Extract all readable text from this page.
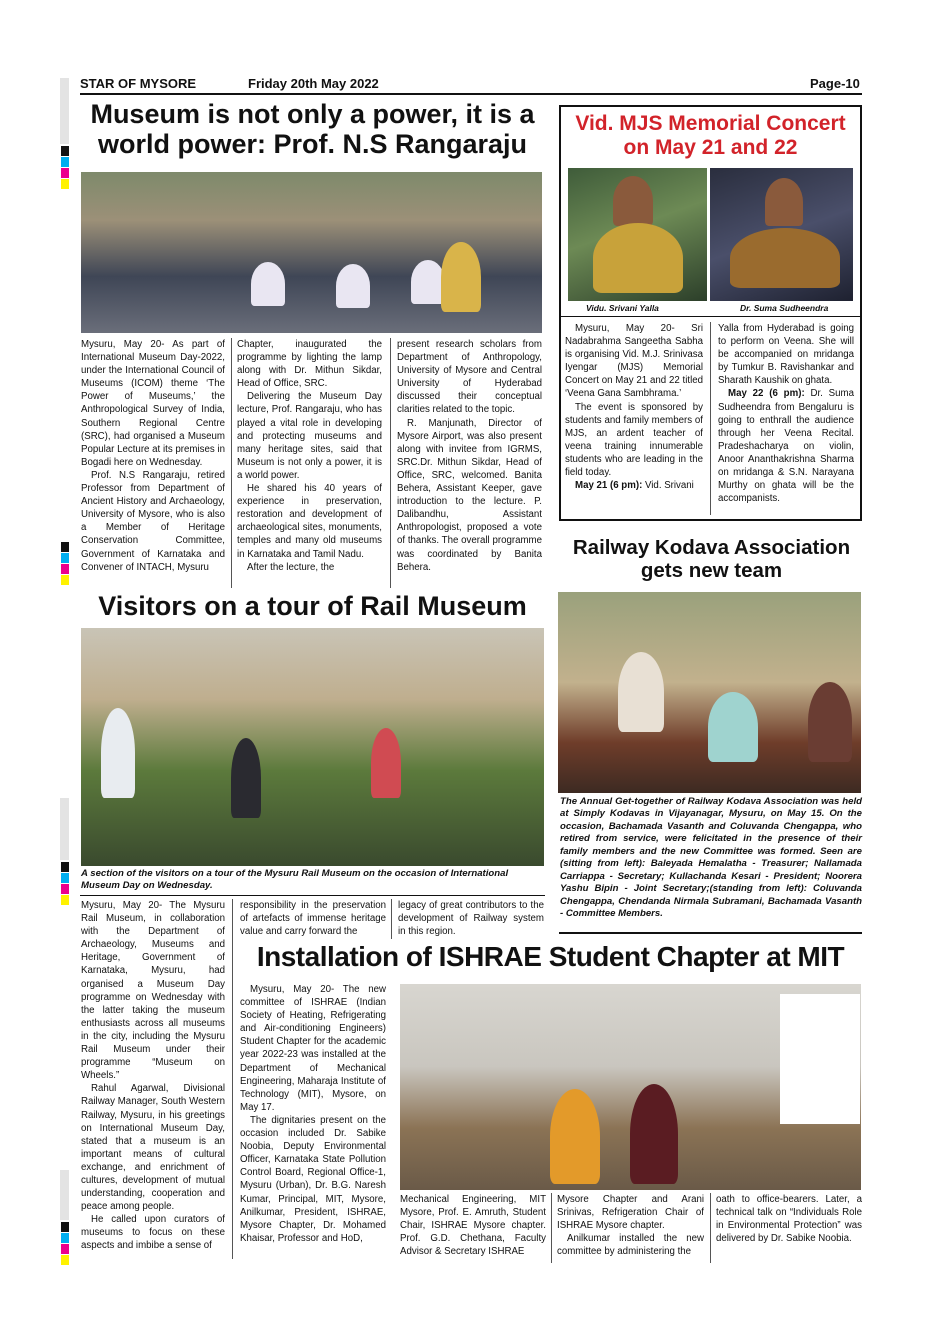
STAR OF MYSORE	Friday 20th May 2022	Page-10
Museum is not only a power, it is a world power: Prof. N.S Rangaraju

Mysuru, May 20- As part of International Museum Day-2022, under the International Council of Museums (ICOM) theme ‘The Power of Museums,’ the Anthropological Survey of India, Southern Regional Centre (SRC), had organised a Museum Popular Lecture at its premises in Bogadi here on Wednesday.

Prof. N.S Rangaraju, retired Professor from Department of Ancient History and Archaeology, University of Mysore, who is also a Member of Heritage Conservation Committee, Government of Karnataka and Convener of INTACH, Mysuru

Chapter, inaugurated the programme by lighting the lamp along with Dr. Mithun Sikdar, Head of Office, SRC.

Delivering the Museum Day lecture, Prof. Rangaraju, who has played a vital role in developing and protecting museums and many heritage sites, said that Museum is not only a power, it is a world power.

He shared his 40 years of experience in preservation, restoration and development of archaeological sites, monuments, temples and many old museums in Karnataka and Tamil Nadu.

After the lecture, the

present research scholars from Department of Anthropology, University of Mysore and Central University of Hyderabad discussed their conceptual clarities related to the topic.

R. Manjunath, Director of Mysore Airport, was also present along with invitee from IGRMS, SRC.Dr. Mithun Sikdar, Head of Office, SRC, welcomed. Banita Behera, Assistant Keeper, gave introduction to the lecture. P. Dalibandhu, Assistant Anthropologist, proposed a vote of thanks. The overall programme was coordinated by Banita Behera.

Vid. MJS Memorial Concert on May 21 and 22
Vidu. Srivani Yalla	Dr. Suma Sudheendra

Mysuru, May 20- Sri Nadabrahma Sangeetha Sabha is organising Vid. M.J. Srinivasa Iyengar (MJS) Memorial Concert on May 21 and 22 titled ‘Veena Gana Sambhrama.’

The event is sponsored by students and family members of MJS, an ardent teacher of veena training innumerable students who are leading in the field today.

May 21 (6 pm): Vid. Srivani

Yalla from Hyderabad is going to perform on Veena. She will be accompanied on mridanga by Tumkur B. Ravishankar and Sharath Kaushik on ghata.

May 22 (6 pm): Dr. Suma Sudheendra from Bengaluru is going to enthrall the audience through her Veena Recital. Pradeshacharya on violin, Anoor Ananthakrishna Sharma on mridanga & S.N. Narayana Murthy on ghata will be the accompanists.

Railway Kodava Association gets new team
The Annual Get-together of Railway Kodava Association was held at Simply Kodavas in Vijayanagar, Mysuru, on May 15. On the occasion, Bachamada Vasanth and Coluvanda Chengappa, who retired from service, were felicitated in the presence of their family members and the new Committee was formed. Seen are (sitting from left): Baleyada Hemalatha - Treasurer; Nallamada Carriappa - Secretary; Kullachanda Kesari - President; Noorera Yashu Bipin - Joint Secretary;(standing from left): Coluvanda Chengappa, Chendanda Nirmala Subramani, Bachamada Vasanth - Committee Members.
Visitors on a tour of Rail Museum
A section of the visitors on a tour of the Mysuru Rail Museum on the occasion of International Museum Day on Wednesday.

Mysuru, May 20- The Mysuru Rail Museum, in collaboration with the Department of Archaeology, Museums and Heritage, Government of Karnataka, Mysuru, had organised a Museum Day programme on Wednesday with the latter taking the museum enthusiasts across all museums in the city, including the Mysuru Rail Museum under their programme “Museum on Wheels.”

Rahul Agarwal, Divisional Railway Manager, South Western Railway, Mysuru, in his greetings on International Museum Day, stated that a museum is an important means of cultural exchange, and enrichment of cultures, development of mutual understanding, cooperation and peace among people.

He called upon curators of museums to focus on these aspects and imbibe a sense of

responsibility in the preservation of artefacts of immense heritage value and carry forward the

legacy of great contributors to the development of Railway system in this region.

Installation of ISHRAE Student Chapter at MIT

Mysuru, May 20- The new committee of ISHRAE (Indian Society of Heating, Refrigerating and Air-conditioning Engineers) Student Chapter for the academic year 2022-23 was installed at the Department of Mechanical Engineering, Maharaja Institute of Technology (MIT), Mysore, on May 17.

The dignitaries present on the occasion included Dr. Sabike Noobia, Deputy Environmental Officer, Karnataka State Pollution Control Board, Regional Office-1, Mysuru (Urban), Dr. B.G. Naresh Kumar, Principal, MIT, Mysore, Anilkumar, President, ISHRAE, Mysore Chapter, Dr. Mohamed Khaisar, Professor and HoD,

Mechanical Engineering, MIT Mysore, Prof. E. Amruth, Student Chair, ISHRAE Mysore chapter. Prof. G.D. Chethana, Faculty Advisor & Secretary ISHRAE

Mysore Chapter and Arani Srinivas, Refrigeration Chair of ISHRAE Mysore chapter.

Anilkumar installed the new committee by administering the

oath to office-bearers. Later, a technical talk on “Individuals Role in Environmental Protection” was delivered by Dr. Sabike Noobia.
